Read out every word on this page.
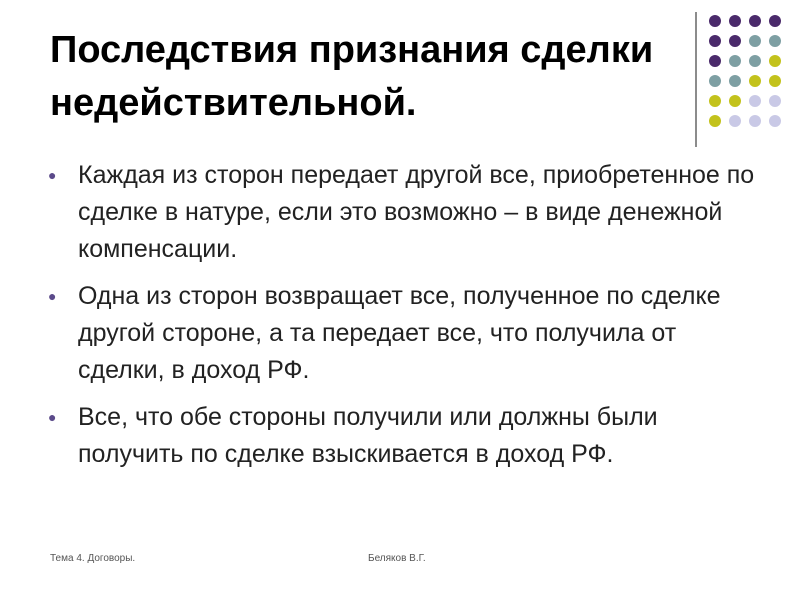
Последствия признания сделки недействительной.
● Каждая из сторон передает другой все, приобретенное по сделке в натуре, если это возможно – в виде денежной компенсации.
● Одна из сторон возвращает все, полученное по сделке другой стороне, а та передает все, что получила от сделки, в доход РФ.
● Все, что обе стороны получили или должны были получить по сделке взыскивается в доход РФ.
Тема 4. Договоры.	Беляков В.Г.
